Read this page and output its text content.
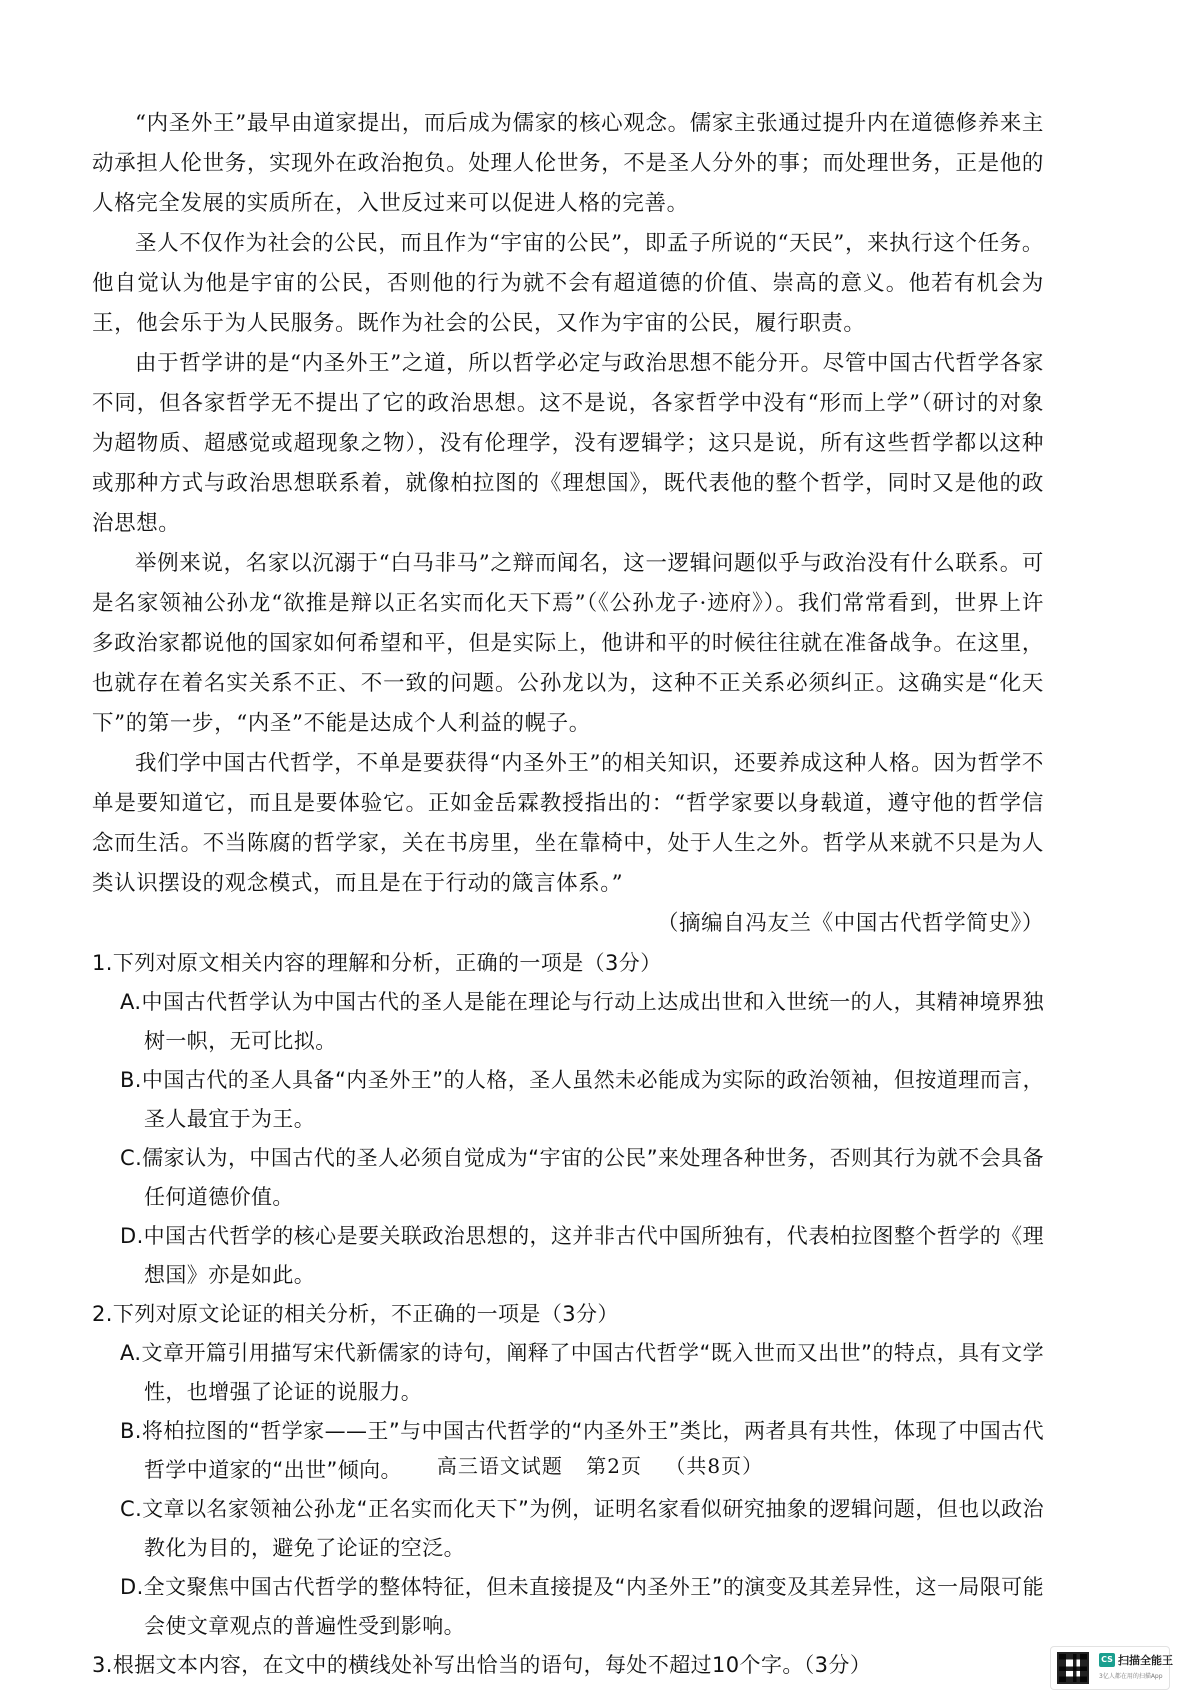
“内圣外王”最早由道家提出，而后成为儒家的核心观念。儒家主张通过提升内在道德修养来主动承担人伦世务，实现外在政治抱负。处理人伦世务，不是圣人分外的事；而处理世务，正是他的人格完全发展的实质所在，入世反过来可以促进人格的完善。

圣人不仅作为社会的公民，而且作为“宇宙的公民”，即孟子所说的“天民”，来执行这个任务。他自觉认为他是宇宙的公民，否则他的行为就不会有超道德的价值、崇高的意义。他若有机会为王，他会乐于为人民服务。既作为社会的公民，又作为宇宙的公民，履行职责。

由于哲学讲的是“内圣外王”之道，所以哲学必定与政治思想不能分开。尽管中国古代哲学各家不同，但各家哲学无不提出了它的政治思想。这不是说，各家哲学中没有“形而上学”（研讨的对象为超物质、超感觉或超现象之物），没有伦理学，没有逻辑学；这只是说，所有这些哲学都以这种或那种方式与政治思想联系着，就像柏拉图的《理想国》，既代表他的整个哲学，同时又是他的政治思想。

举例来说，名家以沉溺于“白马非马”之辩而闻名，这一逻辑问题似乎与政治没有什么联系。可是名家领袖公孙龙“欲推是辩以正名实而化天下焉”（《公孙龙子·迹府》）。我们常常看到，世界上许多政治家都说他的国家如何希望和平，但是实际上，他讲和平的时候往往就在准备战争。在这里，也就存在着名实关系不正、不一致的问题。公孙龙以为，这种不正关系必须纠正。这确实是“化天下”的第一步，“内圣”不能是达成个人利益的幌子。

我们学中国古代哲学，不单是要获得“内圣外王”的相关知识，还要养成这种人格。因为哲学不单是要知道它，而且是要体验它。正如金岳霖教授指出的：“哲学家要以身载道，遵守他的哲学信念而生活。不当陈腐的哲学家，关在书房里，坐在靠椅中，处于人生之外。哲学从来就不只是为人类认识摆设的观念模式，而且是在于行动的箴言体系。”

（摘编自冯友兰《中国古代哲学简史》）

1.下列对原文相关内容的理解和分析，正确的一项是（3分）

A.中国古代哲学认为中国古代的圣人是能在理论与行动上达成出世和入世统一的人，其精神境界独树一帜，无可比拟。

B.中国古代的圣人具备“内圣外王”的人格，圣人虽然未必能成为实际的政治领袖，但按道理而言，圣人最宜于为王。

C.儒家认为，中国古代的圣人必须自觉成为“宇宙的公民”来处理各种世务，否则其行为就不会具备任何道德价值。

D.中国古代哲学的核心是要关联政治思想的，这并非古代中国所独有，代表柏拉图整个哲学的《理想国》亦是如此。

2.下列对原文论证的相关分析，不正确的一项是（3分）

A.文章开篇引用描写宋代新儒家的诗句，阐释了中国古代哲学“既入世而又出世”的特点，具有文学性，也增强了论证的说服力。

B.将柏拉图的“哲学家——王”与中国古代哲学的“内圣外王”类比，两者具有共性，体现了中国古代哲学中道家的“出世”倾向。

C.文章以名家领袖公孙龙“正名实而化天下”为例，证明名家看似研究抽象的逻辑问题，但也以政治教化为目的，避免了论证的空泛。

D.全文聚焦中国古代哲学的整体特征，但未直接提及“内圣外王”的演变及其差异性，这一局限可能会使文章观点的普遍性受到影响。

3.根据文本内容，在文中的横线处补写出恰当的语句，每处不超过10个字。（3分）

高三语文试题 第2页 （共8页）
CS 扫描全能王
3亿人都在用的扫描App
